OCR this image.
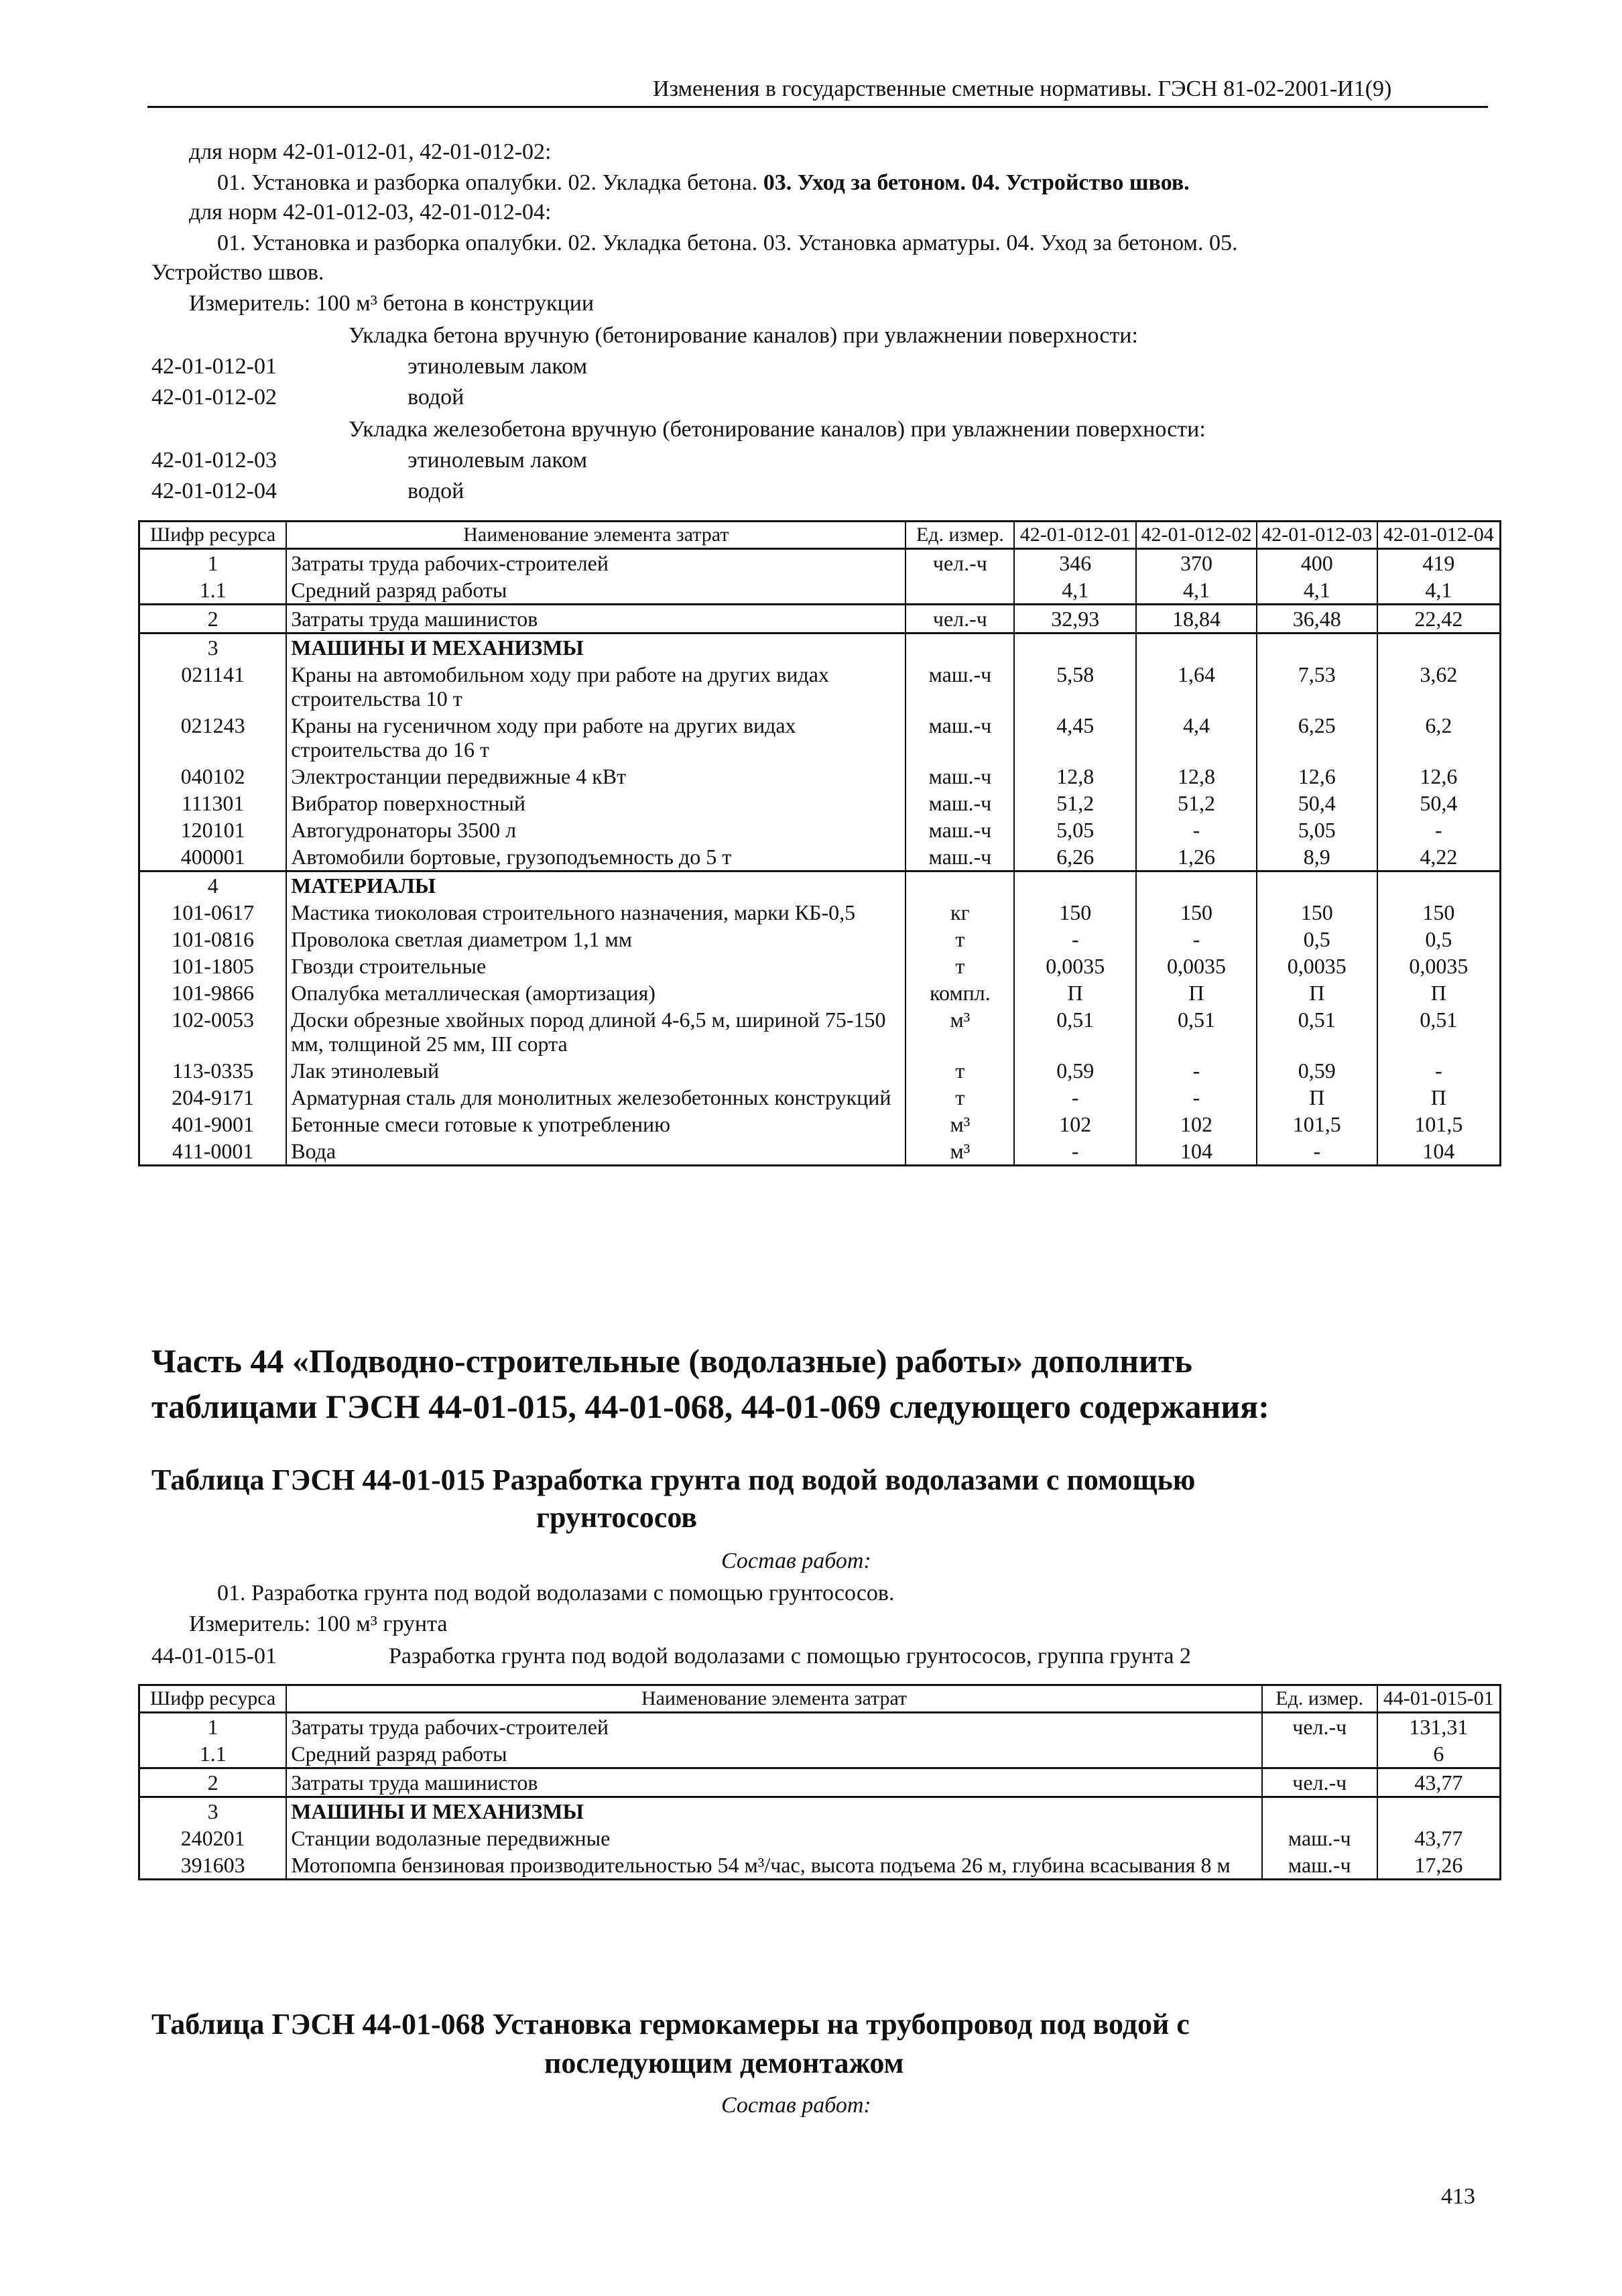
Изменения в государственные сметные нормативы. ГЭСН 81-02-2001-И1(9)
для норм 42-01-012-01, 42-01-012-02:
01. Установка и разборка опалубки. 02. Укладка бетона. 03. Уход за бетоном. 04. Устройство швов.
для норм 42-01-012-03, 42-01-012-04:
01. Установка и разборка опалубки. 02. Укладка бетона. 03. Установка арматуры. 04. Уход за бетоном. 05.
Устройство швов.
Измеритель: 100 м³ бетона в конструкции
Укладка бетона вручную (бетонирование каналов) при увлажнении поверхности:
42-01-012-01	этинолевым лаком
42-01-012-02	водой
Укладка железобетона вручную (бетонирование каналов) при увлажнении поверхности:
42-01-012-03	этинолевым лаком
42-01-012-04	водой
Шифр ресурса	Наименование элемента затрат	Ед. измер.	42-01-012-01	42-01-012-02	42-01-012-03	42-01-012-04
1	Затраты труда рабочих-строителей	чел.-ч	346	370	400	419
1.1	Средний разряд работы		4,1	4,1	4,1	4,1
2	Затраты труда машинистов	чел.-ч	32,93	18,84	36,48	22,42
3	МАШИНЫ И МЕХАНИЗМЫ					
021141	Краны на автомобильном ходу при работе на других видах строительства 10 т	маш.-ч	5,58	1,64	7,53	3,62
021243	Краны на гусеничном ходу при работе на других видах строительства до 16 т	маш.-ч	4,45	4,4	6,25	6,2
040102	Электростанции передвижные 4 кВт	маш.-ч	12,8	12,8	12,6	12,6
111301	Вибратор поверхностный	маш.-ч	51,2	51,2	50,4	50,4
120101	Автогудронаторы 3500 л	маш.-ч	5,05	-	5,05	-
400001	Автомобили бортовые, грузоподъемность до 5 т	маш.-ч	6,26	1,26	8,9	4,22
4	МАТЕРИАЛЫ					
101-0617	Мастика тиоколовая строительного назначения, марки КБ-0,5	кг	150	150	150	150
101-0816	Проволока светлая диаметром 1,1 мм	т	-	-	0,5	0,5
101-1805	Гвозди строительные	т	0,0035	0,0035	0,0035	0,0035
101-9866	Опалубка металлическая (амортизация)	компл.	П	П	П	П
102-0053	Доски обрезные хвойных пород длиной 4-6,5 м, шириной 75-150 мм, толщиной 25 мм, III сорта	м³	0,51	0,51	0,51	0,51
113-0335	Лак этинолевый	т	0,59	-	0,59	-
204-9171	Арматурная сталь для монолитных железобетонных конструкций	т	-	-	П	П
401-9001	Бетонные смеси готовые к употреблению	м³	102	102	101,5	101,5
411-0001	Вода	м³	-	104	-	104
Часть 44 «Подводно-строительные (водолазные) работы» дополнить
таблицами ГЭСН 44-01-015, 44-01-068, 44-01-069 следующего содержания:
Таблица ГЭСН 44-01-015 Разработка грунта под водой водолазами с помощью
грунтососов
Состав работ:
01. Разработка грунта под водой водолазами с помощью грунтососов.
Измеритель: 100 м³ грунта
44-01-015-01	Разработка грунта под водой водолазами с помощью грунтососов, группа грунта 2
Шифр ресурса	Наименование элемента затрат	Ед. измер.	44-01-015-01
1	Затраты труда рабочих-строителей	чел.-ч	131,31
1.1	Средний разряд работы		6
2	Затраты труда машинистов	чел.-ч	43,77
3	МАШИНЫ И МЕХАНИЗМЫ		
240201	Станции водолазные передвижные	маш.-ч	43,77
391603	Мотопомпа бензиновая производительностью 54 м³/час, высота подъема 26 м, глубина всасывания 8 м	маш.-ч	17,26
Таблица ГЭСН 44-01-068 Установка гермокамеры на трубопровод под водой с
последующим демонтажом
Состав работ:
413
